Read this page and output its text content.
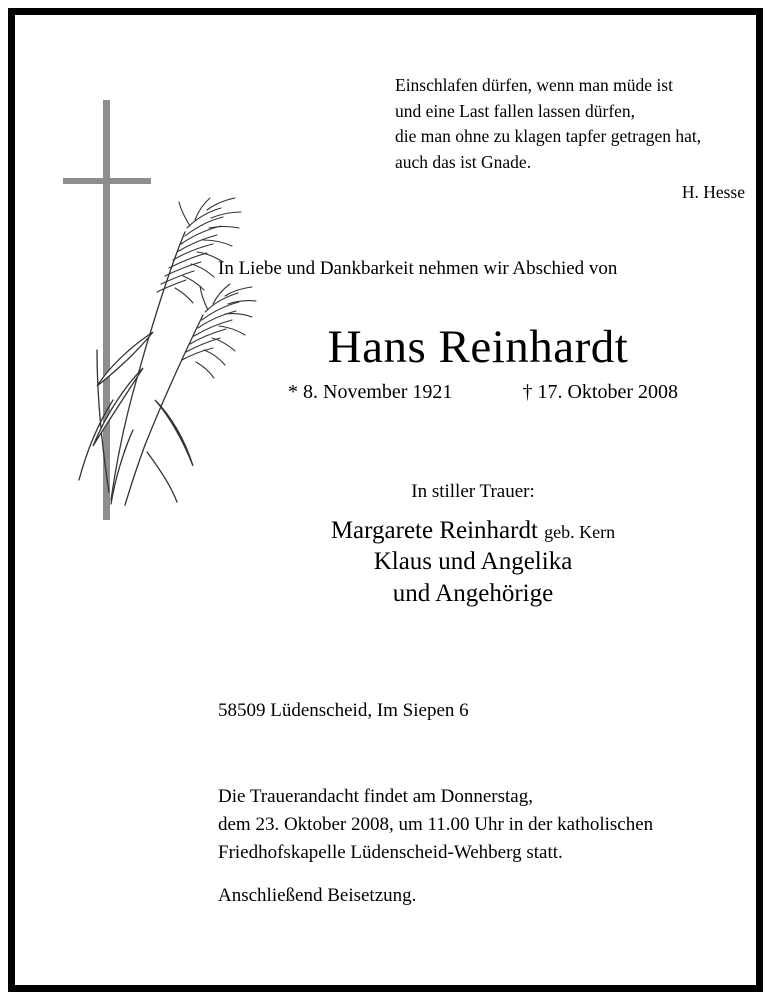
Einschlafen dürfen, wenn man müde ist
und eine Last fallen lassen dürfen,
die man ohne zu klagen tapfer getragen hat,
auch das ist Gnade.
H. Hesse
In Liebe und Dankbarkeit nehmen wir Abschied von
Hans Reinhardt
* 8. November 1921	† 17. Oktober 2008
In stiller Trauer:
Margarete Reinhardt geb. Kern
Klaus und Angelika
und Angehörige
58509 Lüdenscheid, Im Siepen 6
Die Trauerandacht findet am Donnerstag,
dem 23. Oktober 2008, um 11.00 Uhr in der katholischen
Friedhofskapelle Lüdenscheid-Wehberg statt.
Anschließend Beisetzung.
